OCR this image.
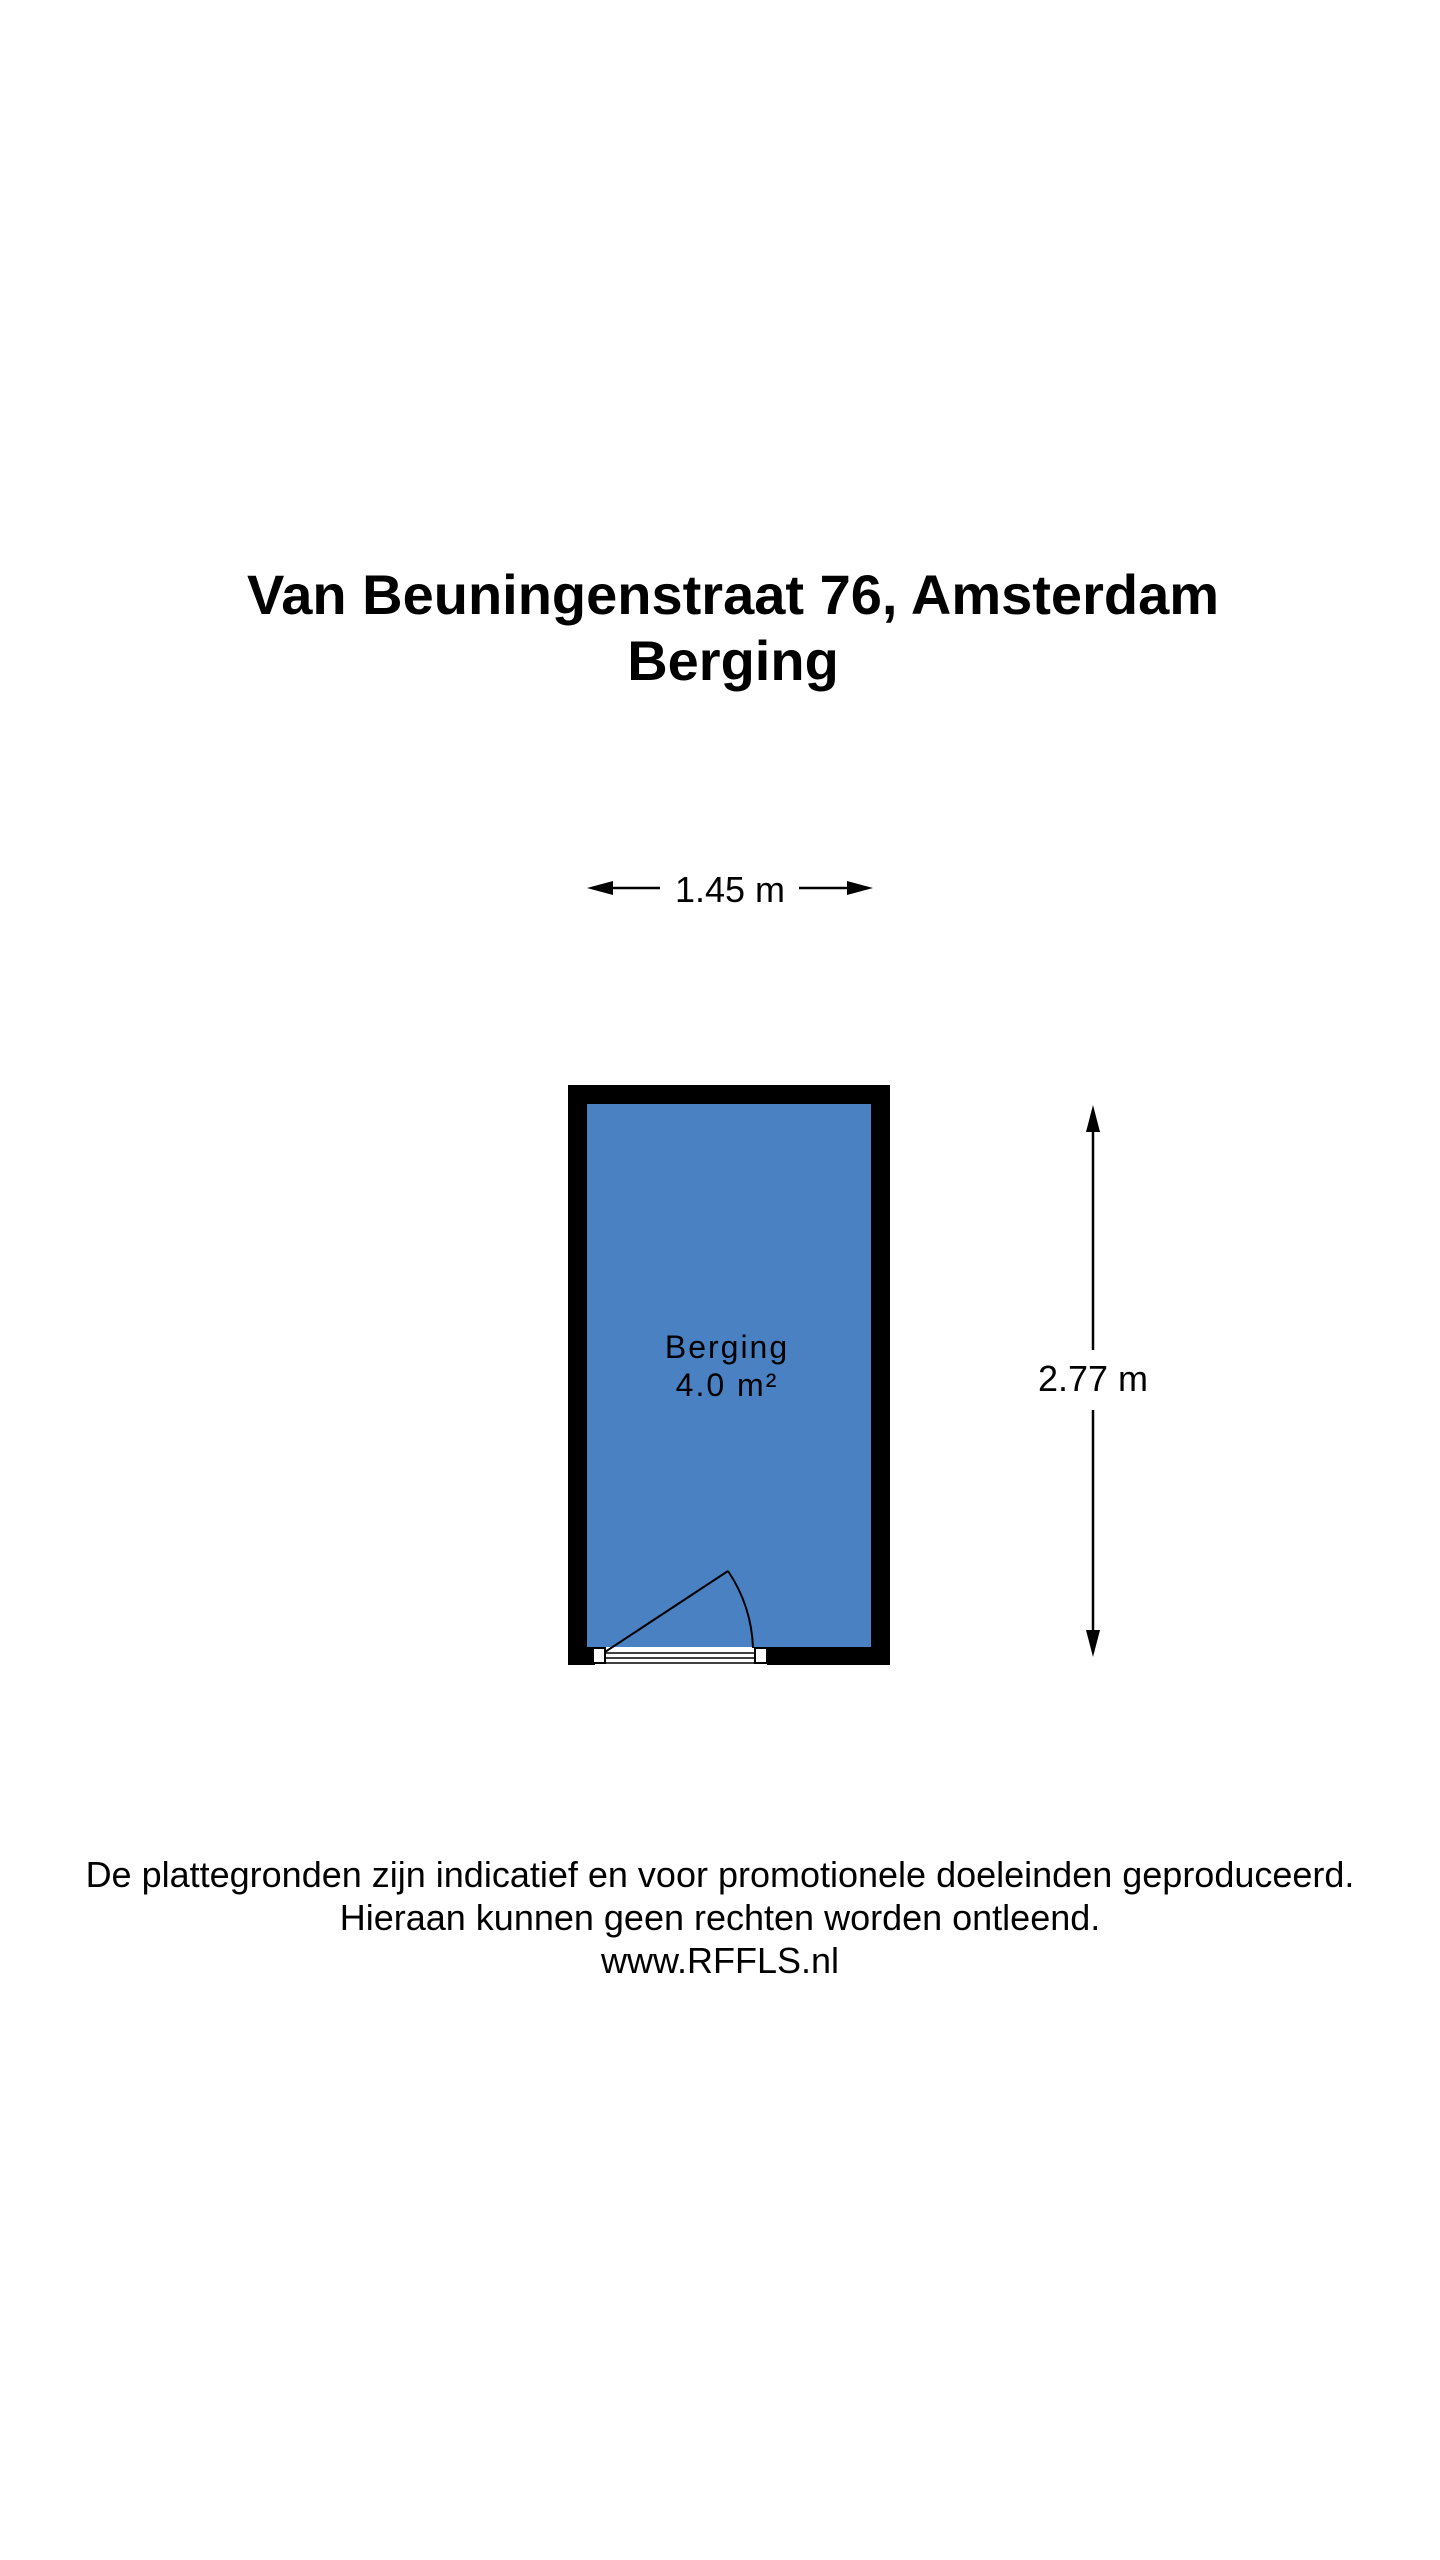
Van Beuningenstraat 76, Amsterdam
Berging
1.45 m
Berging
4.0 m²	2.77 m
De plattegronden zijn indicatief en voor promotionele doeleinden geproduceerd.
Hieraan kunnen geen rechten worden ontleend.
www.RFFLS.nl
